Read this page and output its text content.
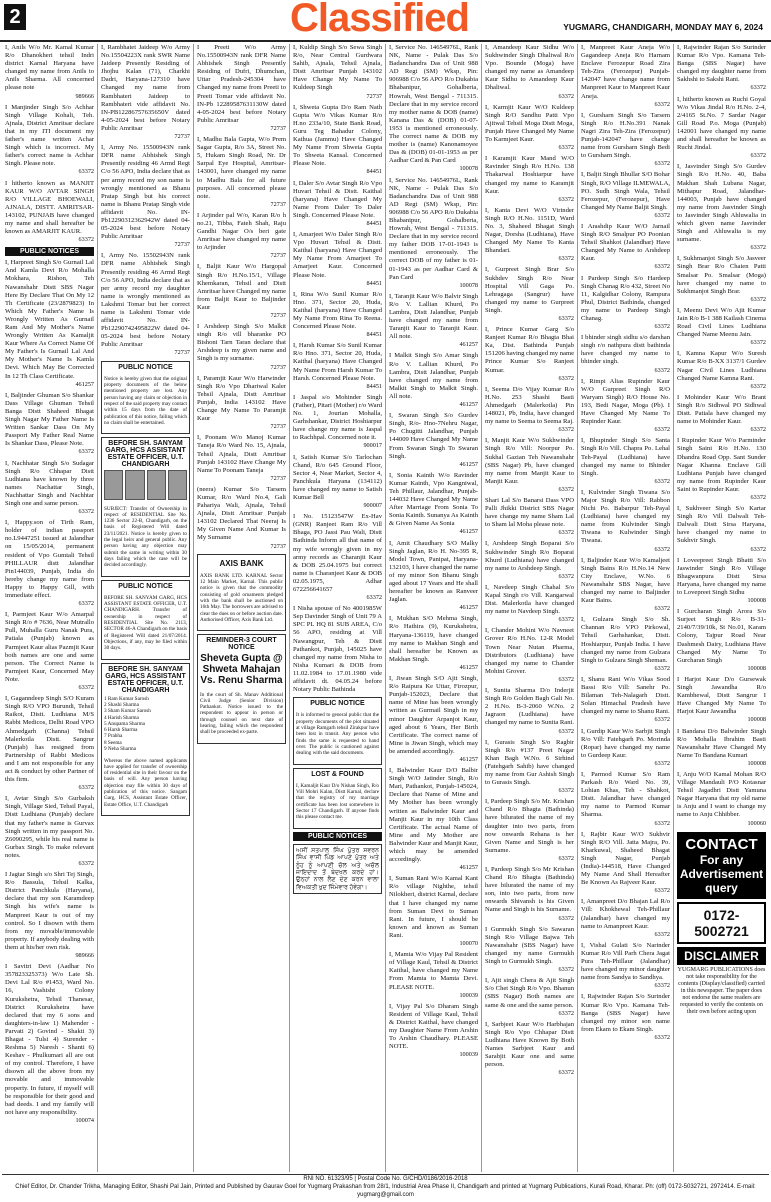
2	Classified	YUGMARG, CHANDIGARH, MONDAY MAY 6, 2024

I, Anils W/o Mr. Kamal Kumar R/o Dhanokheri tehsil Indri district Karnal Haryana have changed my name from Anils to Anils Sharma. All concerned please note

989666

I Manjinder Singh S/o Achhar Singh Village Kohali, Teh. Ajnala, District Amritsar declare that in my ITI document my father's name written Achar Singh which is incorrect. My father's correct name is Achhar Singh. Please note.

63372

I hitherto known as MANJIT KAUR W/O AVTAR SINGH R/O VILLAGE BHOEWALI, AJNALA, DISTT. AMRITSAR-143102, PUNJAB have changed my name and shall hereafter be known as AMARJIT KAUR.

63372
PUBLIC NOTICES

I, Harpreet Singh S/o Gurnail Lal And Kamla Devi R/o Mohalla Mokhara, Rishon, Teh Nawanshahr Distt SBS Nagar Here By Declare That On My 12 Th Certificate (23/2879823) In Which My Father's Name Is Wrongly Written As Gurnail Ram And My Mother's Name Wrongly Written As Kamaljit Kaur Where As Correct Name Of My Father's Is Gurnail Lal And My Mother's Name Is Kamla Devi. Which May Be Corrected In 12 Th Class Certificate.

461257

I, Baljinder Ghuman S/o Shankar Dass Village Ghuman Tehsil Banga Distt Shaheed Bhagat Singh Nagar My Father Name Is Written Sankar Dass On My Passport My Father Real Name Is Shankar Dass, Please Note.

63372

I, Nachhatar Singh S/o Sudagar Singh R/o Chhapar Distt Ludhiana have known by three names Nachattar Singh, Nachhattar Singh and Nachhtar Singh one and same person.

63372

I, Happy.son of Tirth Ram, holder of indian passport no.L9447251 issued at Jalandhar on 15/05/2014, permanent resident of Vpo Gumtali Tehsil PHILLAUR distt Jalandhar Pin144039, Punjab, India do hereby change my name from Happy to Happy Gill, with immediate effect.

63372

I, Parmjeet Kaur W/o Amarpal Singh R/o # 7636, Near Mutrallo Pull, Muhalla Guru Nanak Pura, Patiala (Punjab) known as Parmjeet Kaur alias Pazmjit Kaur both names are one and same person. The Correct Name is Parmjeet Kaur, Concerned May Note.

63372

I, Gaganndeep Singh S/O Kuram Singh R/O VPO Burundi, Tehsil Raikot, Distt. Ludhiana M/S Rabbi Medicos, Delhi Road VPO Ahmedgarh (Channa) Tehsil Malerkotla Distt. Sangrur (Punjab) has resigned from Partnership of Rabbi Medicos and I am not responsible for any act & conduct by other Partner of this firm.

63372

I, Avtar Singh S/o Gurbaksh Singh, Village Sied, Tehsil Payal, Distt Ludhiana (Punjab) declare that my father's name is Gurvax Singh written in my passport No. Z6090295, while his real name is Gurbax Singh. To make relevant notes.

63372

I Jagtar Singh s/o Shri Tej Singh, R/o Bassula, Tehsil Kalka, District Panchkula (Haryana), declare that my son Karamdeep Singh his wife's name is Manpreet Kaur is out of my control. So I disown with them from my movable/immovable property. If anybody dealing with them at his/her own risk.

989666

I Savitri Devi (Aadhar No 357823325373) W/o Late Sh. Devi Lal R/o #1453, Ward No. 16, Vashisht Colony Kurukshetra, Tehsil Thanesar, District Kurukshetra have declared that my 6 sons and daughters-in-law 1) Mahender - Parvati 2) Govind - Shakti 3) Bhagat - Tulsi 4) Surender - Reshma 5) Naresh - Shanti 6) Keshav - Phulkumari all are out of my control. Therefore, I have disown all the above from my movable and immovable property. In future, if myself will be responsible for their good and bad deeds. I and my family will not have any responsibility.

100074

I, Rambhatet Jaideep W/o Army No.15504223X rank SWR Name Jaideep Presently Residing of Jhojhu Kalan (71), Charkhi Dadri, Haryana-127310 have Changed my name from Rambhateri Jaideep to Rambhateri vide affidavit No. IN-PB12286757635650V dated 4-05-2024 best before Notary Public Amritsar

72737

I, Army No. 15500943N rank DFR name Abhishek Singh Presently residing 46 Armd Regt C/o 56 APO, India declare that as per army record my son name is wrongly mentioned as Bhanu Pratap Singh but his correct name is Bhanu Pratap Singh vide affidavit No. IN-Pb12290312362942W dated 04-05-2024 best before Notary Public Amritsar

72737

I, Army No. 15502943N rank DFR name Abhishek Singh Presently residing 46 Armd Regt C/o 56 APO, India declare that as per army record my daughter name is wrongly mentioned as Lakshmi Tomar but her correct name is Lakshmi Tomar vide affidavit No. IN-Pb12290742495822W dated 04-05-2024 best before Notary Public Amritsar

72737
PUBLIC NOTICE

Notice is hereby given that the original property documents of the below mentioned property are lost. Any person having any claim or objection in respect of the said property may contact within 15 days from the date of publication of this notice, failing which no claim shall be entertained.

BEFORE SH. SANYAM GARG, HCS ASSISTANT ESTATE OFFICER, U.T. CHANDIGARH

SUBJECT: Transfer of Ownership in respect of RESIDENTIAL Site No. 1236 Sector 22-B, Chandigarh, on the basis of Registered Will dated 23/11/2021. Notice is hereby given to the legal heirs and general public. Any person having any objection may submit the same in writing within 30 days failing which the case will be decided accordingly.

PUBLIC NOTICE

BEFORE SH. SANYAM GARG, HCS ASSISTANT ESTATE OFFICER, U.T. CHANDIGARH. Transfer of ownership in respect of RESIDENTIAL Site No. 2113, SECTOR 46-A Chandigarh on the basis of Registered Will dated 21/07/2014. Objections, if any, may be filed within 30 days.

BEFORE SH. SANYAM GARG, HCS ASSISTANT ESTATE OFFICER, U.T. CHANDIGARH
1 Ram Kumar Sarosh
2 Shashi Sharma
3 Sham Kumar Sarosh
4 Harish Sharma
5 Anupama Sharma
6 Harsh Sharma
7 Prabha
8 Seema
9 Neha Sharma

Whereas the above named applicants have applied for transfer of ownership of residential site in their favour on the basis of will. Any person having objection may file within 30 days of publication of this notice. Sangam Garg, HCS, Assistant Estate Officer, Estate Office, U.T. Chandigarh

I Preeti W/o Army No.15500943N rank DFR Name Abhishek Singh Presently Residing of Dufri, Dhumchan, Uttar Pradesh-245304 have Changed my name from Preeti to Preeti Tomar vide affidavit No. IN-Pb 12289587631130W dated 4-05-2024 best before Notary Public Amritsar

72737

I, Madhu Bala Gupta, W/o Prem Sagar Gupta, R/o 3A, Street No. 5, Hukam Singh Road, Nr. Dr Sarpal Eye Hospital, Amritsar- 143001, have changed my name to Madhu Bala for all future purposes. All concerned please note.

72737

I Arjinder pal W/o, Karan R/o h no.21, Tibba, Fateh Shah, Raju Gandhi Nagar O/s beri gate Amritsar have changed my name to Arjinder

72737

I, Baljit Kaur W/o Hargopal Singh R/o H.No.15/1, Village Khemkaran, Tehsil and Distt Amritsar have Changed my name from Baljit Kaur to Baljinder Kaur

72737

I Arshdeep Singh S/o Malkit singh R/o vill bharanke PO Bishoni Tarn Taran declare that Arshdeep is my given name and Singh is my surname.

72737

I, Paramjit Kaur W/o Harwinder Singh R/o Vpo Dhariwal Kaler Tehsil Ajnala, Distt Amritsar Punjab, India 143102 Have Change My Name To Paramjit Kaur

72737

I, Poonam W/o Manoj Kumar Taneja R/o Ward No. 15, Ajnala, Tehsil Ajnala, Distt Amritsar Punjab 143102 Have Change My Name To Poonam Taneja

72737

(neera) Kumar S/o Tarsem Kumar, R/o Ward No.4, Gali Pahariya Wali, Ajnala, Tehsil Ajnala, Distt Amritsar Punjab 143102 Declared That Neeraj Is My Given Name And Kumar Is My Surname

72737
AXIS BANK

AXIS BANK LTD. KARNAL Sector 12 Main Market, Karnal. This public notice is given that the commodity consisting of gold ornaments pledged with the bank shall be auctioned on 16th May. The borrowers are advised to clear the dues on or before auction date. Authorised Officer, Axis Bank Ltd.

REMINDER-3 COURT NOTICE
Sheveta Gupta @ Shweta Mahajan Vs. Renu Sharma

In the court of Sh. Manav Additional Civil Judge (Senior Division) Pathankot. Notice issued to the respondent to appear in person or through counsel on next date of hearing, failing which the respondent shall be proceeded ex-parte.

I, Kuldip Singh S/o Sewa Singh R/o, Near Central Gurdwara Sahib, Ajnala, Tehsil Ajnala, Distt Amritsar Punjab 143102 Have Change My Name To Kuldeep Singh

72737

I, Shweta Gupta D/o Ram Nath Gupta W/o Vikas Kumar R/o H.no 233a/10, State Bank Road, Guru Teg Bahadur Colony, Kathua (Jammu) Have Changed My Name From Shweta Gupta To Shweta Kansal. Concerned Please Note.

84451

I, Daler S/o Avtar Singh R/o Vpo Huvari Tehsil & Distt. Kaithal (haryana) Have Changed My Name From Daler To Daler Singh. Concerned Please Note.

84451

I, Amarjeet W/o Daler Singh R/o Vpo Huvari Tehsil & Distt. Kaithal (haryana) Have Changed My Name From Amarjeet To Amarjeet Kaur. Concerned Please Note.

84451

I, Rina W/o Sunil Kumar R/o Hno. 371, Sector 20, Huda, Kaithal (haryana) Have Changed My Name From Rina To Reena. Concerned Please Note.

84451

I, Harsh Kumar S/o Sunil Kumar R/o Hno. 371, Sector 20, Huda, Kaithal (haryana) Have Changed My Name From Harsh Kumar To Harsh. Concerned Please Note.

84451

I Jaspal s/o Mohinder Singh (Father), Pitari (Mother) r/o Ward No. 1, Jourian Mohalla, Garhshankar, District Hoshiarpur have change my name is Jaspal to Rachhpal. Concerned note it.

900017

I, Satish Kumar S/o Tarlochan Chand, R/o 645 Ground Floor, Sector 4, Near Market, Sector 4, Panchkula Haryana (134112) have changed my name to Satish Kumar Bell

900007

I No. 15123547W Ex-Hav (GNR) Ranjeet Ram R/o Vill Bhaga, PO Jassi Pau Wali, Distt Bathinda Inform all that name of my wife wrongly given in my army records as Charanjit Kaur & DOB 25.04.1975 but correct name is Charanjeet Kaur & DOB 02.05.1975, Adhar 672256641657

63372

I Nisha spouse of No 4001985W Sep Davinder Singh of Unit 79 A SPC PL HQ 81 SUB AREA, C/o 56 APO, residing at Vill Nawangpur, Teh & Distt Pathankot, Punjab, 145025 have changed my name from Nisha to Nisha Kumari & DOB from 11.02.1984 to 17.01.1980 vide affidavit dt. 04.05.24 before Notary Public Bathinda

PUBLIC NOTICE

It is informed to general public that the property documents of the plot situated at village Ramgarh tehsil Zirakpur have been lost in transit. Any person who finds the same is requested to hand over. The public is cautioned against dealing with the said documents.

LOST & FOUND

I, Kamaljit Kaur D/o Nishan Singh, R/o Vill Mohri Kalan, Distt Karnal, declare that the registry of my marriage certificate has been lost somewhere in Sector 17 Chandigarh. If anyone finds this please contact me.

PUBLIC NOTICES
ਅਸੀਂ ਸਤਪਾਲ ਸਿੰਘ ਪੁੱਤਰ ਸਵਰਨ ਸਿੰਘ ਵਾਸੀ ਪਿੰਡ ਆਪਣੇ ਪੁੱਤਰ ਅਤੇ ਨੂੰਹ ਨੂੰ ਆਪਣੀ ਚੱਲ ਅਤੇ ਅਚੱਲ ਜਾਇਦਾਦ ਤੋਂ ਬੇਦਖਲ ਕਰਦੇ ਹਾਂ। ਉਨ੍ਹਾਂ ਨਾਲ ਲੈਣ ਦੇਣ ਕਰਨ ਵਾਲਾ ਵਿਅਕਤੀ ਖੁਦ ਜਿੰਮੇਵਾਰ ਹੋਵੇਗਾ।

I, Service No. 14654976L, Rank NK, Name - Pulak Das S/o Badanchandra Das of Unit 988 AD Regt (SM) Wksp, Pin: 906988 C/o 56 APO R/o Dukabia Bhabanipur, Gohalberia, Howrah, West Bengal - 711315. Declare that in my service record my mother name & DOB (name) Kanana Das & (DOB) 01-07-1953 is mentioned erroneously. The correct name & DOB my mother is (name) Kanonamoyee Das & (DOB) 01-01-1953 as per Aadhar Card & Pan Card

100078

I, Service No. 14654976L, Rank NK, Name - Pulak Das S/o Badanchandra Das of Unit 988 AD Regt (SM) Wksp, Pin: 906988 C/o 56 APO R/o Dukabia Bhabanipur, Gohalberia, Howrah, West Bengal - 711315. Declare that in my service record my father DOB 17-01-1943 is mentioned erroneously. The correct DOB of my father is 01-01-1943 as per Aadhar Card & Pan Card

100078

I, Taranjit Kaur W/o Balvir Singh R/o V. Lallian Khurd, Po Lambra, Distt Jalandhar, Punjab have changed my name from Taranjit Kaur to Taranjit Kaur. All note.

461257

I Malkit Singh S/o Amar Singh R/o V. Lallian Khurd, Po Lambra, Distt Jalandhar, Punjab have changed my name from Malkit Singh to Malkit Singh. All note.

461257

I, Swaran Singh S/o Gurdev Singh, R/o- Hno-7Nehru Nagar, Po Chugitti Jalandhar, Punjab 144009 Have Changed My Name From Swaran Singh To Swaran Singh.

461257

I, Sonia Kainth W/o Ravinder Kumar Kainth, Vpo Kangniwal, Teh Phillaur, Jalandhar, Punjab-144032 Have Changed My Name After Marriage From Sonia To Sonia Kainth. Sunanya As Kainth & Given Name As Sonia

461257

I, Amit Chaudhary S/O Malky Singh Jaglan, R/o H. No-395 R, Model Town, Panipat, Haryana-132103, I have changed the name of my minor Son Bhanu Singh aged about 17 Years and He shall hereafter be known as Ranveer Jaglan.

461257

I, Mukhan S/O Mehma Singh, R/o Hathira (9), Kurukshetra, Haryana-136119, have changed my name to Makhan Singh and shall hereafter be Known as Makhan Singh.

461257

I, Jiwan Singh S/O Ajit Singh, R/o Raipura Ke Uttar, Firozpur, Punjab-152023, Declare that name of Mine has been wrongly written as Gurmail Singh in my minor Daughter Arpanjot Kaur, aged about 6 Years, Her Birth Certificate. The correct name of Mine is Jiwan Singh, which may be amended accordingly.

461257

I, Balwinder Kaur D/O Balbir Singh W/O Jatinder Singh, R/o Mari, Pathankot, Punjab-145024, Declare that Name of Mine and My Mother has been wrongly written as Balwinder Kaur and Manjit Kaur in my 10th Class Certificate. The actual Name of Mine and My Mother are Balwinder Kaur and Manjit Kaur, which may be amended accordingly.

461257

I, Suman Rani W/o Kamal Kant R/o village Nighthe, tehsil Nilokheri, district Karnal, declare that I have changed my name from Suman Devi to Suman Rani. In future, I should be known and known as Suman Rani.

100070

I, Mamta W/o Vijay Pal Resident of Village Kaul, Tehsil & District Kaithal, have changed my Name From Mamta to Mamta Devi. PLEASE NOTE.

100039

I, Vijay Pal S/o Dharam Singh Resident of Village Kaul, Tehsil & District Kaithal, have changed my Daughter Name From Arshin To Arshin Chaudhary. PLEASE NOTE.

100039

I, Amandeep Kaur Sidhu W/o Sukhwinder Singh Dhaliwal R/o Vpo. Bounde (Moga) have changed my name as Amandeep Kaur Sidhu to Amandeep Kaur Dhaliwal.

63372

I, Karmjit Kaur W/O Kuldeep Singh R/O Sandhu Patti Vpo Ajitwal Tehsil Moga Distt Moga, Punjab Have Changed My Name To Karmjeet Kaur.

63372

I Karamjit Kaur Mand W/O Ravinder Singh R/o H.No. 138 Thakarwal Hoshiarpur have changed my name to Karamjit Kaur.

63372

I, Kanta Devi W/O Virinder Singh R/O H.No. 1151D, Ward No. 3, Shaheed Bhagat Singh Nagar, Dorsha (Ludhiana), Have Changed My Name To Kanta Bhandari.

63372

I, Gurpreet Singh Brar S/o Sukhdev Singh R/o Near Hospital Vill Gaga Po. Lehragaga (Sangrur) have changed my name to Gurpreet Singh.

63372

I, Prince Kumar Garg S/o Ranjeet Kumar R/o Bhagta Bhai Ka, Dist. Bathinda Punjab 151206 having changed my name Prince Kumar S/o Ranjeet Kumar.

63372

I, Seema D/o Vijay Kumar R/o H.No. 253 Shashi Basti Ahmedgarh (Malerkotla) Pin 148021, Pb, India, have changed my name to Seema to Seema Raj.

63372

I, Manjit Kaur W/o Sukhwinder Singh R/o Vill: Noorpur Po. Sukhal Gazian Teh Nawanshahr (SBS Nagar) Pb, have changed my name from Manjit Kaur to Manjit Kaur.

63372

Shari Lal S/o Banarsi Dass VPO Palli Jhikki District SBS Nagar have change my name Sham Lal to Sham lal Moha please note.

63372

I, Arshdeep Singh Boparai S/o Sukhwinder Singh R/o Boparai Khurd (Ludhiana) have changed my name to Arshdeep Singh.

63372

I, Navdeep Singh Chahal S/o Kapal Singh r/o Vill. Kangarwal Dist. Malerkotla have changed my name to Navdeep Singh.

63372

I, Chander Mohini W/o Navneet Grover R/o H.No. 12-R Model Town Near Nutan Pharma, Distributors (Ludhiana) have changed my name to Chander Mohini Grover.

63372

I, Sunita Sharma D/o Inderjit Singh R/o Golden Bagh Gali No. 2 H.No. B-3-2060 W.No. 2 Jagraon (Ludhiana) have changed my name to Sunita Rani.

63372

I, Gurasis Singh S/o Ragbir Singh R/o #137 Preet Nagar Khan Bagh W.No. 6 Sirhind (Fatehgarh Sahib) have changed my name from Gur Ashish Singh to Gurasis Singh.

63372

I, Pardeep Singh S/o Mr. Krishan Chand R/o Bhagta (Bathinda) have bilurated the name of my daughter into two parts, from now onwards Rehana is her Given Name and Singh is her Surname.

63372

I, Pardeep Singh S/o Mr Krishan Chand R/o Bhagta (Bathinda) have bilurated the name of my son, into two parts, from now onwards Shivansh is his Given Name and Singh is his Surname.

63372

I Gurmukh Singh S/o Sawaran Singh R/o Village Bajwa Teh Nawanshahr (SBS Nagar) have changed my name Gurmukh Singh to Gurmukh Singh.

63372

I, Ajit singh Chera & Ajit Singh S/o Chet Singh R/o Vpo. Bhanun (SBS Nagar) Both names are same & one and the same person.

63372

I, Sarbjeet Kaur W/o Harbhajan Singh R/o Vpo Chhapar Distt Ludhiana Have Known By Both Names Sarbjeet Kaur and Sarabjit Kaur one and same person.

63372

I, Manpreet Kaur Aneja W/o Gagandeep Aneja R/o Harnam Enclave Ferozepur Road Zira Teh-Zira (Ferozepur) Punjab-142047 have change name from Manpreet Kaur to Manpreet Kaur Aneja.

63372

I, Gursharn Singh S/o Tarsem Singh R/o H.No.391 Nanak Nagri Zira Teh-Zira (Ferozepur) Punjab-142047 have change name from Gursharn Singh Bedi to Gursharn Singh.

63372

I, Baljit Singh Bhullar S/O Bohar Singh, R/O Village ILMEWALA, PO. Sudh Singh Wala, Tehsil Ferozepur, (Ferozepur), Have Changed My Name Baljit Singh.

63372

I Arashdip Kaur W/O Jarnail Singh R/O Smalpur PO Poonian Tehsil Shahkot (Jalandhar) Have Changed My Name to Arshdeep Kaur.

63372

I Pardeep Singh S/o Hardeep Singh Chanag R/o 432, Street No 11, Kalgidhar Colony, Rampura Phul, District Bathinda, changed my name to Pardeep Singh Chanag.

63372

I bhinder singh sidhu s/o darshan singh r/o nathpura distt bathinda have changed my name to bhinder singh.

63372

I, Rimpi Alias Rupinder Kaur W/O Gurpreet Singh R/O Waryam Singh) R/O House No. 193, Bedi Nagar, Moga (Pb). I Have Changed My Name To Rupinder Kaur.

63372

I, Bhupinder Singh S/o Santa Singh R/o Vill. Chapra Po. Lehal Teh-Payal (Ludhiana) have changed my name to Bhinder Singh.

63372

I, Kulvinder Singh Tiwana S/o Major Singh R/o Vill: Rabbon Nichi Po. Babarpur Teh-Payal (Ludhiana) have changed my name from Kulvinder Singh Tiwana to Kulwinder Singh Tiwana.

63372

I, Baljinder Kaur W/o Kamaljeet Singh Bains R/o H.No.14 New City Enclave, W.No. 6 Nawanshahr SBS Nagar, have changed my name to Baljinder Kaur Bains.

63372

I, Gulzara Singh S/o Sh. Channan R/o VPO Pirkowal, Tehsil Garhshankar, Distt. Hoshiarpur, Punjab India. I have changed my name from Gulzara Singh to Gulzara Singh Sheman.

63372

I, Shanu Rani W/o Vikas Sood Bassi R/o Vill: Sanehr Po. Bilaman Teh-Nalagarh Distt. Solan Himachal Pradesh have changed my name to Shanu Rani.

63372

I, Gurdip Kaur W/o Sarbjit Singh R/o Vill: Fatehgarh Po. Morinda (Ropar) have changed my name to Gurdeep Kaur.

63372

I, Parmod Kumar S/o Ram Parkash R/o Ward No. 39, Lohian Khas, Teh - Shahkot, Distt. Jalandhar have changed my name to Parmod Kumar Sharma.

63372

I, Rajbir Kaur W/O Sukhvir Singh R/O Vill. Jatta Majra, Po. Kharkuwal, Shaheed Bhagat Singh Nagar, Punjab (India)-144518, Have Changed My Name And Shall Hereafter Be Known As Rajveer Kaur.

63372

I, Amanpreet D/o Bhajan Lal R/o Vill: Khokhewal Teh-Phillaur (Jalandhar) have changed my name to Amanpreet Kaur.

63372

I, Vishal Gulati S/o Narinder Kumar R/o Vill Parh Chera Jagat Pura Teh-Phillaur (Jalandhar) have changed my minor daughter name from Sandya to Sandhya.

63372

I, Rajwinder Rajan S/o Surinder Kumar R/o Vpo. Kamana Teh-Banga (SBS Nagar) have changed my minor son name from Ekam to Ekam Singh.

63372

I, Rajwinder Rajan S/o Surinder Kumar R/o Vpo. Kamana Teh-Banga (SBS Nagar) have changed my daughter name from Sakhshi to Sakshi Rani.

63372

I, hitherto known as Ruchi Goyal W/o Vikas Jindal R/o H.No. 2-4, 2/4165 St.No. 7 Sardar Nagar Gill Road P.o. Moga (Punjab) 142001 have changed my name and shall hereafter be known as Ruchi Jindal.

63372

I, Jasvinder Singh S/o Gurdev Singh R/o H.No. 40, Baba Makhan Shah Lubana Nagar, Mithapur Road, Jalandhar-144003, Punjab have changed my name from Jasvinder Singh to Jasvinder Singh Ahluwalia in which given name Jasvinder Singh and Ahluwalia is my surname.

63372

I, Sukhmanjot Singh S/o Jasveer Singh Brar R/o Chaien Patti Smalsar Po. Smalsar (Moga) have changed my name to Sukhmanjot Singh Brar.

63372

I, Meenu Devi W/o Ajit Kumar Jain R/o B-1 388 Kailash Cinema Road Civil Lines Ludhiana Changed Name Meenu Jain.

63372

I, Kamna Kapur W/o Suresh Kumar R/o B-XX 3137/1 Gurdev Nagar Civil Lines Ludhiana Changed Name Kamna Rani.

63372

I Mohinder Kaur W/o Brant Singh R/o Sidhwal PO Sidhwal Distt. Patiala have changed my name to Mohinder Kaur.

63372

I Rupinder Kaur W/o Parminder Singh Saini R/o H.No. 130 Dhandra Road Opp. Sant Sunder Nagar Khanna Enclave Gill Ludhiana Punjab have changed my name from Rupinder Kaur Saini to Rupinder Kaur.

63372

I, Sukhveer Singh S/o Kartar Singh R/o Vill Dalwali Teh-Dalwali Distt Sirsa Haryana, have changed my name to Sukhvir Singh.

63372

I Loveepreet Singh Bhatti S/o Jaswinder Singh R/o Village Bhagwanpura Distt Sirsa Haryana, have changed my name to Lovepreet Singh Sidhu

100008

I Gurcharan Singh Arora S/o Surjeet Singh R/o B-31-2140/7/39/10k, St No.01, Karam Colony, Tajpur Road Near Dashmesh Dairy, Ludhiana Have Changed My Name To Gurcharan Singh

100008

I Harjot Kaur D/o Gursewak Singh Jawandha R/o Kambhewal, Distt Sangrur I Have Changed My Name To Harjot Kaur Jawandha

100008

I Bandana D/o Balwinder Singh R/o Mohalla Ibrahim Basti Nawanshahr Have Changed My Name To Bandana Kumari

100008

I, Anju W/O Kamal Mohan R/O Village Mandauli P/O Kotasnar Tehsil Jagadhri Distt Yamuna Nagar Haryana that my old name is Anju and I want to change my name to Anju Chhibber.

100060
CONTACT
For any Advertisement query
0172-5002721
DISCLAIMER
YUGMARG PUBLICATIONS does not take responsibility for the contents (Display/classified) carried in this newspaper. The paper does not endorse the same readers are requested to verify the contents on their own before acting upon
RNI NO. 61323/95 | Postal Code No. G/CHD/0186/2016-2018
Chief Editor, Dr. Chander Trikha, Managing Editor, Shashi Pal Jain, Printed and Published by Gaurav Goel for Yugmarg Prakashan from 28/1, Industrial Area Phase II, Chandigarh and printed at Yugmarg Publications, Kurali Road, Kharar. Ph: (off) 0172-5032721, 2972414. E-mail: yugmarg@gmail.com
